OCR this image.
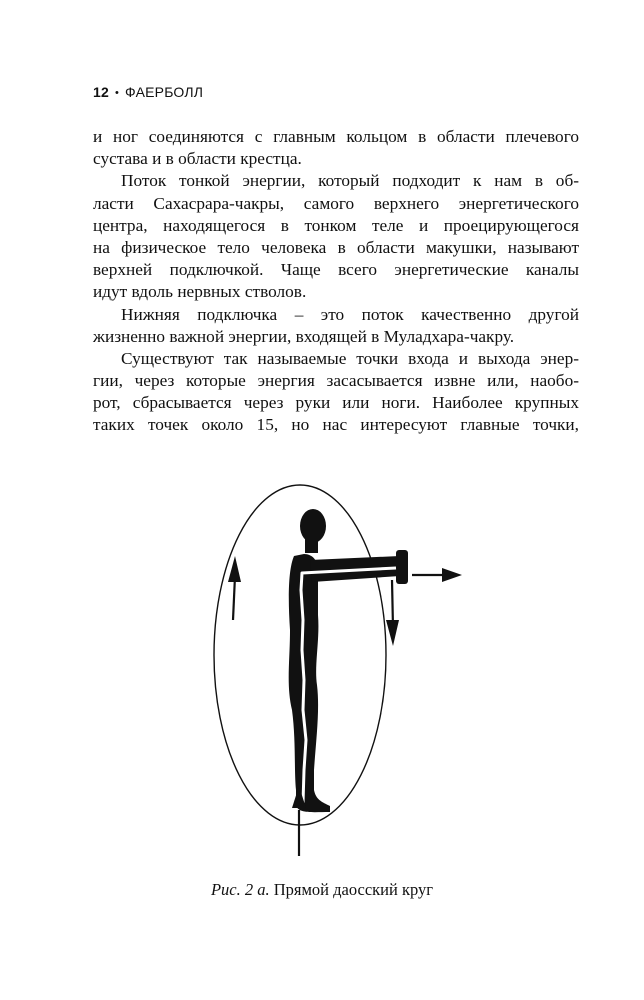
12 • ФАЕРБОЛЛ
и ног соединяются с главным кольцом в области плечевого
сустава и в области крестца.
Поток тонкой энергии, который подходит к нам в об-
ласти Сахасрара-чакры, самого верхнего энергетического
центра, находящегося в тонком теле и проецирующегося
на физическое тело человека в области макушки, называют
верхней подключкой. Чаще всего энергетические каналы
идут вдоль нервных стволов.
Нижняя подключка – это поток качественно другой
жизненно важной энергии, входящей в Муладхара-чакру.
Существуют так называемые точки входа и выхода энер-
гии, через которые энергия засасывается извне или, наобо-
рот, сбрасывается через руки или ноги. Наиболее крупных
таких точек около 15, но нас интересуют главные точки,
Рис. 2 а. Прямой даосский круг
